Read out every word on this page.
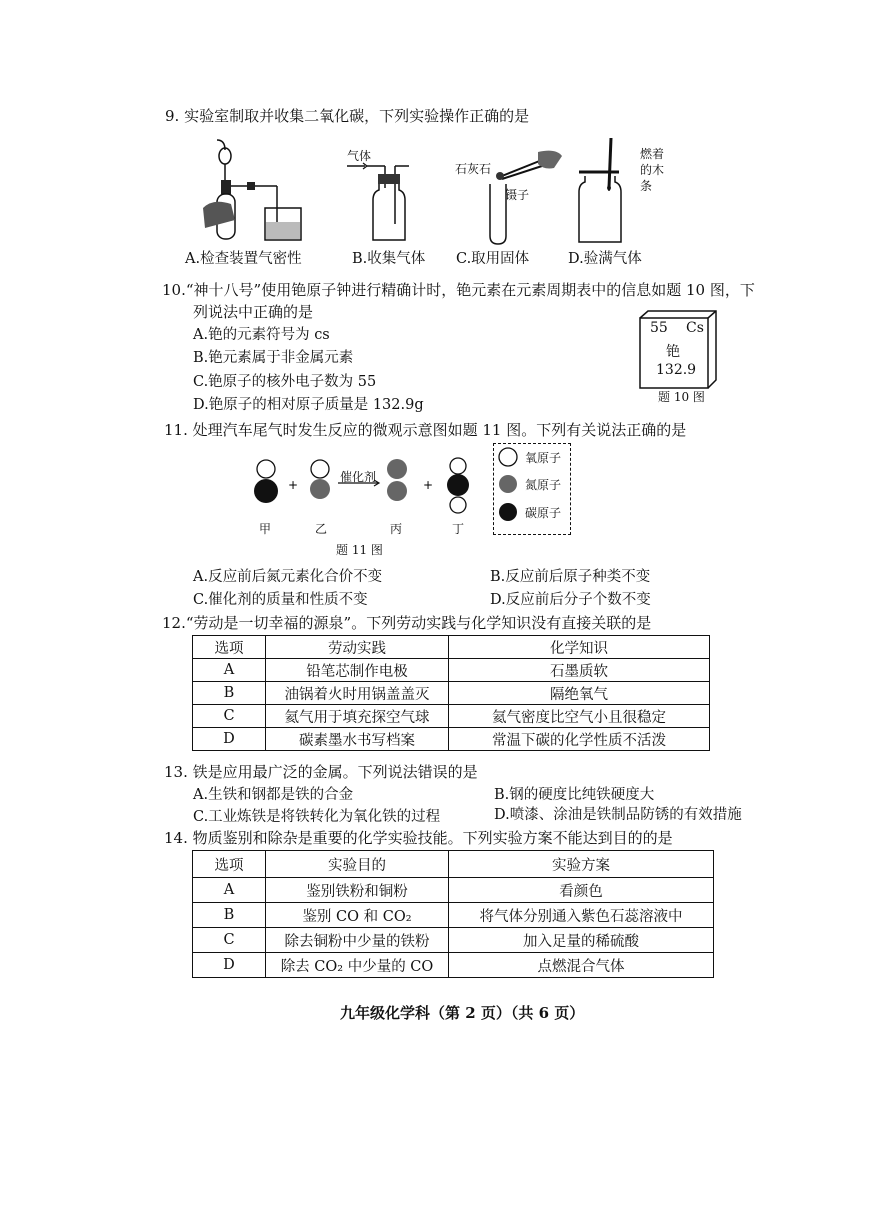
9. 实验室制取并收集二氧化碳，下列实验操作正确的是
气体
石灰石
镊子
燃着
的木
条
A.检查装置气密性	B.收集气体 C.取用固体	D.验满气体
10.“神十八号”使用铯原子钟进行精确计时，铯元素在元素周期表中的信息如题 10 图，下
列说法中正确的是
A.铯的元素符号为 cs
B.铯元素属于非金属元素
C.铯原子的核外电子数为 55
D.铯原子的相对原子质量是 132.9g
55 Cs
铯
132.9
题 10 图
11. 处理汽车尾气时发生反应的微观示意图如题 11 图。下列有关说法正确的是
+	+
催化剂
甲	乙	丙	丁
题 11 图
氧原子
氮原子
碳原子
A.反应前后氮元素化合价不变	B.反应前后原子种类不变
C.催化剂的质量和性质不变	D.反应前后分子个数不变
12.“劳动是一切幸福的源泉”。下列劳动实践与化学知识没有直接关联的是
选项	劳动实践	化学知识
A	铅笔芯制作电极	石墨质软
B	油锅着火时用锅盖盖灭	隔绝氧气
C	氦气用于填充探空气球	氦气密度比空气小且很稳定
D	碳素墨水书写档案	常温下碳的化学性质不活泼
13. 铁是应用最广泛的金属。下列说法错误的是
A.生铁和钢都是铁的合金	B.钢的硬度比纯铁硬度大
C.工业炼铁是将铁转化为氧化铁的过程	D.喷漆、涂油是铁制品防锈的有效措施
14. 物质鉴别和除杂是重要的化学实验技能。下列实验方案不能达到目的的是
选项	实验目的	实验方案
A	鉴别铁粉和铜粉	看颜色
B	鉴别 CO 和 CO₂	将气体分别通入紫色石蕊溶液中
C	除去铜粉中少量的铁粉	加入足量的稀硫酸
D	除去 CO₂ 中少量的 CO	点燃混合气体
九年级化学科（第 2 页）（共 6 页）
